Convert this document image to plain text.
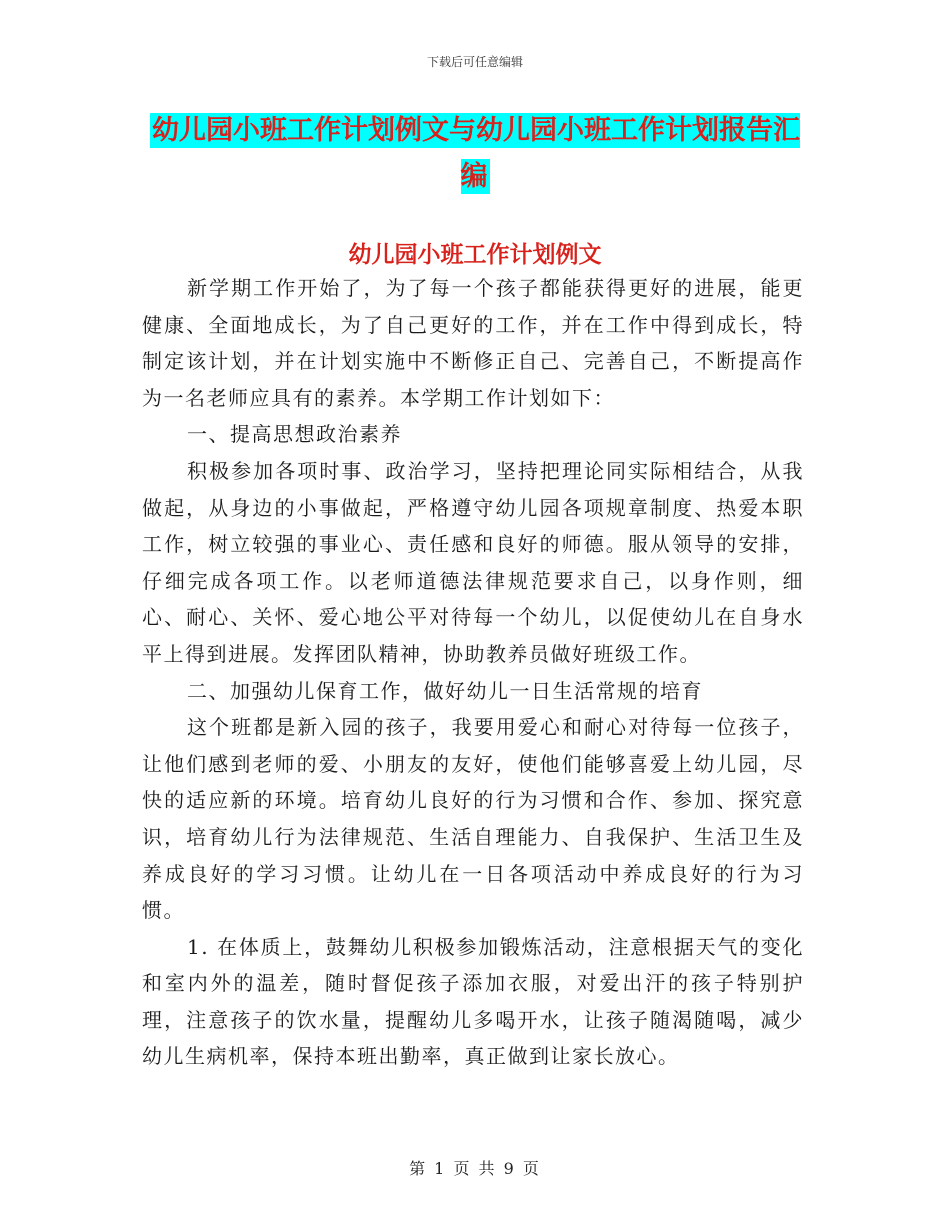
下载后可任意编辑
幼儿园小班工作计划例文与幼儿园小班工作计划报告汇编
幼儿园小班工作计划例文

新学期工作开始了，为了每一个孩子都能获得更好的进展，能更健康、全面地成长，为了自己更好的工作，并在工作中得到成长，特制定该计划，并在计划实施中不断修正自己、完善自己，不断提高作为一名老师应具有的素养。本学期工作计划如下：

一、提高思想政治素养

积极参加各项时事、政治学习，坚持把理论同实际相结合，从我做起，从身边的小事做起，严格遵守幼儿园各项规章制度、热爱本职工作，树立较强的事业心、责任感和良好的师德。服从领导的安排，仔细完成各项工作。以老师道德法律规范要求自己，以身作则，细心、耐心、关怀、爱心地公平对待每一个幼儿，以促使幼儿在自身水平上得到进展。发挥团队精神，协助教养员做好班级工作。

二、加强幼儿保育工作，做好幼儿一日生活常规的培育

这个班都是新入园的孩子，我要用爱心和耐心对待每一位孩子，让他们感到老师的爱、小朋友的友好，使他们能够喜爱上幼儿园，尽快的适应新的环境。培育幼儿良好的行为习惯和合作、参加、探究意识，培育幼儿行为法律规范、生活自理能力、自我保护、生活卫生及养成良好的学习习惯。让幼儿在一日各项活动中养成良好的行为习惯。

1. 在体质上，鼓舞幼儿积极参加锻炼活动，注意根据天气的变化和室内外的温差，随时督促孩子添加衣服，对爱出汗的孩子特别护理，注意孩子的饮水量，提醒幼儿多喝开水，让孩子随渴随喝，减少幼儿生病机率，保持本班出勤率，真正做到让家长放心。

第 1 页 共 9 页
